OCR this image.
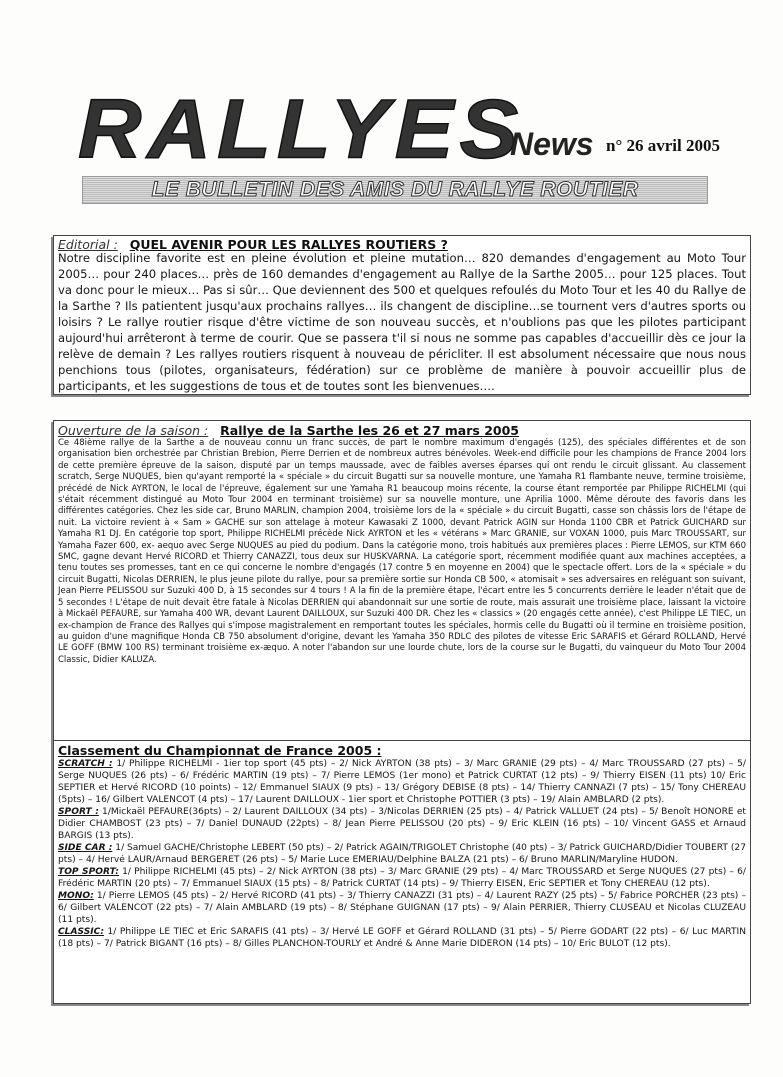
RALLYES
News n° 26 avril 2005
LE BULLETIN DES AMIS DU RALLYE ROUTIER
Editorial : QUEL AVENIR POUR LES RALLYES ROUTIERS ?
Notre discipline favorite est en pleine évolution et pleine mutation… 820 demandes d'engagement au Moto Tour 2005… pour 240 places… près de 160 demandes d'engagement au Rallye de la Sarthe 2005… pour 125 places. Tout va donc pour le mieux… Pas si sûr… Que deviennent des 500 et quelques refoulés du Moto Tour et les 40 du Rallye de la Sarthe ? Ils patientent jusqu'aux prochains rallyes… ils changent de discipline…se tournent vers d'autres sports ou loisirs ? Le rallye routier risque d'être victime de son nouveau succès, et n'oublions pas que les pilotes participant aujourd'hui arrêteront à terme de courir. Que se passera t'il si nous ne somme pas capables d'accueillir dès ce jour la relève de demain ? Les rallyes routiers risquent à nouveau de péricliter. Il est absolument nécessaire que nous nous penchions tous (pilotes, organisateurs, fédération) sur ce problème de manière à pouvoir accueillir plus de participants, et les suggestions de tous et de toutes sont les bienvenues….
Ouverture de la saison : Rallye de la Sarthe les 26 et 27 mars 2005
Ce 48ième rallye de la Sarthe a de nouveau connu un franc succès, de part le nombre maximum d'engagés (125), des spéciales différentes et de son organisation bien orchestrée par Christian Brebion, Pierre Derrien et de nombreux autres bénévoles. Week-end difficile pour les champions de France 2004 lors de cette première épreuve de la saison, disputé par un temps maussade, avec de faibles averses éparses qui ont rendu le circuit glissant. Au classement scratch, Serge NUQUES, bien qu'ayant remporté la « spéciale » du circuit Bugatti sur sa nouvelle monture, une Yamaha R1 flambante neuve, termine troisième, précédé de Nick AYRTON, le local de l'épreuve, également sur une Yamaha R1 beaucoup moins récente, la course étant remportée par Philippe RICHELMI (qui s'était récemment distingué au Moto Tour 2004 en terminant troisième) sur sa nouvelle monture, une Aprilia 1000. Même déroute des favoris dans les différentes catégories. Chez les side car, Bruno MARLIN, champion 2004, troisième lors de la « spéciale » du circuit Bugatti, casse son châssis lors de l'étape de nuit. La victoire revient à « Sam » GACHE sur son attelage à moteur Kawasaki Z 1000, devant Patrick AGIN sur Honda 1100 CBR et Patrick GUICHARD sur Yamaha R1 DJ. En catégorie top sport, Philippe RICHELMI précède Nick AYRTON et les « vétérans » Marc GRANIE, sur VOXAN 1000, puis Marc TROUSSART, sur Yamaha Fazer 600, ex- aequo avec Serge NUQUES au pied du podium. Dans la catégorie mono, trois habitués aux premières places : Pierre LEMOS, sur KTM 660 SMC, gagne devant Hervé RICORD et Thierry CANAZZI, tous deux sur HUSKVARNA. La catégorie sport, récemment modifiée quant aux machines acceptées, a tenu toutes ses promesses, tant en ce qui concerne le nombre d'engagés (17 contre 5 en moyenne en 2004) que le spectacle offert. Lors de la « spéciale » du circuit Bugatti, Nicolas DERRIEN, le plus jeune pilote du rallye, pour sa première sortie sur Honda CB 500, « atomisait » ses adversaires en reléguant son suivant, Jean Pierre PELISSOU sur Suzuki 400 D, à 15 secondes sur 4 tours ! A la fin de la première étape, l'écart entre les 5 concurrents derrière le leader n'était que de 5 secondes ! L'étape de nuit devait être fatale à Nicolas DERRIEN qui abandonnait sur une sortie de route, mais assurait une troisième place, laissant la victoire à Mickaël PEFAURE, sur Yamaha 400 WR, devant Laurent DAILLOUX, sur Suzuki 400 DR. Chez les « classics » (20 engagés cette année), c'est Philippe LE TIEC, un ex-champion de France des Rallyes qui s'impose magistralement en remportant toutes les spéciales, hormis celle du Bugatti où il termine en troisième position, au guidon d'une magnifique Honda CB 750 absolument d'origine, devant les Yamaha 350 RDLC des pilotes de vitesse Eric SARAFIS et Gérard ROLLAND, Hervé LE GOFF (BMW 100 RS) terminant troisième ex-æquo. A noter l'abandon sur une lourde chute, lors de la course sur le Bugatti, du vainqueur du Moto Tour 2004 Classic, Didier KALUZA.
Classement du Championnat de France 2005 :
SCRATCH : 1/ Philippe RICHELMI - 1ier top sport (45 pts) – 2/ Nick AYRTON (38 pts) – 3/ Marc GRANIE (29 pts) – 4/ Marc TROUSSARD (27 pts) – 5/ Serge NUQUES (26 pts) – 6/ Frédéric MARTIN (19 pts) – 7/ Pierre LEMOS (1er mono) et Patrick CURTAT (12 pts) – 9/ Thierry EISEN (11 pts) 10/ Eric SEPTIER et Hervé RICORD (10 points) – 12/ Emmanuel SIAUX (9 pts) – 13/ Grégory DEBISE (8 pts) – 14/ Thierry CANNAZI (7 pts) – 15/ Tony CHEREAU (5pts) – 16/ Gilbert VALENCOT (4 pts) – 17/ Laurent DAILLOUX - 1ier sport et Christophe POTTIER (3 pts) – 19/ Alain AMBLARD (2 pts).
SPORT : 1/Mickaël PEFAURE(36pts) – 2/ Laurent DAILLOUX (34 pts) – 3/Nicolas DERRIEN (25 pts) – 4/ Patrick VALLUET (24 pts) – 5/ Benoît HONORE et Didier CHAMBOST (23 pts) – 7/ Daniel DUNAUD (22pts) – 8/ Jean Pierre PELISSOU (20 pts) – 9/ Eric KLEIN (16 pts) – 10/ Vincent GASS et Arnaud BARGIS (13 pts).
SIDE CAR : 1/ Samuel GACHE/Christophe LEBERT (50 pts) – 2/ Patrick AGAIN/TRIGOLET Christophe (40 pts) – 3/ Patrick GUICHARD/Didier TOUBERT (27 pts) – 4/ Hervé LAUR/Arnaud BERGERET (26 pts) – 5/ Marie Luce EMERIAU/Delphine BALZA (21 pts) – 6/ Bruno MARLIN/Maryline HUDON.
TOP SPORT: 1/ Philippe RICHELMI (45 pts) – 2/ Nick AYRTON (38 pts) – 3/ Marc GRANIE (29 pts) – 4/ Marc TROUSSARD et Serge NUQUES (27 pts) – 6/ Frédéric MARTIN (20 pts) – 7/ Emmanuel SIAUX (15 pts) – 8/ Patrick CURTAT (14 pts) – 9/ Thierry EISEN, Eric SEPTIER et Tony CHEREAU (12 pts).
MONO: 1/ Pierre LEMOS (45 pts) – 2/ Hervé RICORD (41 pts) – 3/ Thierry CANAZZI (31 pts) – 4/ Laurent RAZY (25 pts) – 5/ Fabrice PORCHER (23 pts) – 6/ Gilbert VALENCOT (22 pts) – 7/ Alain AMBLARD (19 pts) – 8/ Stéphane GUIGNAN (17 pts) – 9/ Alain PERRIER, Thierry CLUSEAU et Nicolas CLUZEAU (11 pts).
CLASSIC: 1/ Philippe LE TIEC et Eric SARAFIS (41 pts) – 3/ Hervé LE GOFF et Gérard ROLLAND (31 pts) – 5/ Pierre GODART (22 pts) – 6/ Luc MARTIN (18 pts) – 7/ Patrick BIGANT (16 pts) – 8/ Gilles PLANCHON-TOURLY et André & Anne Marie DIDERON (14 pts) – 10/ Eric BULOT (12 pts).
